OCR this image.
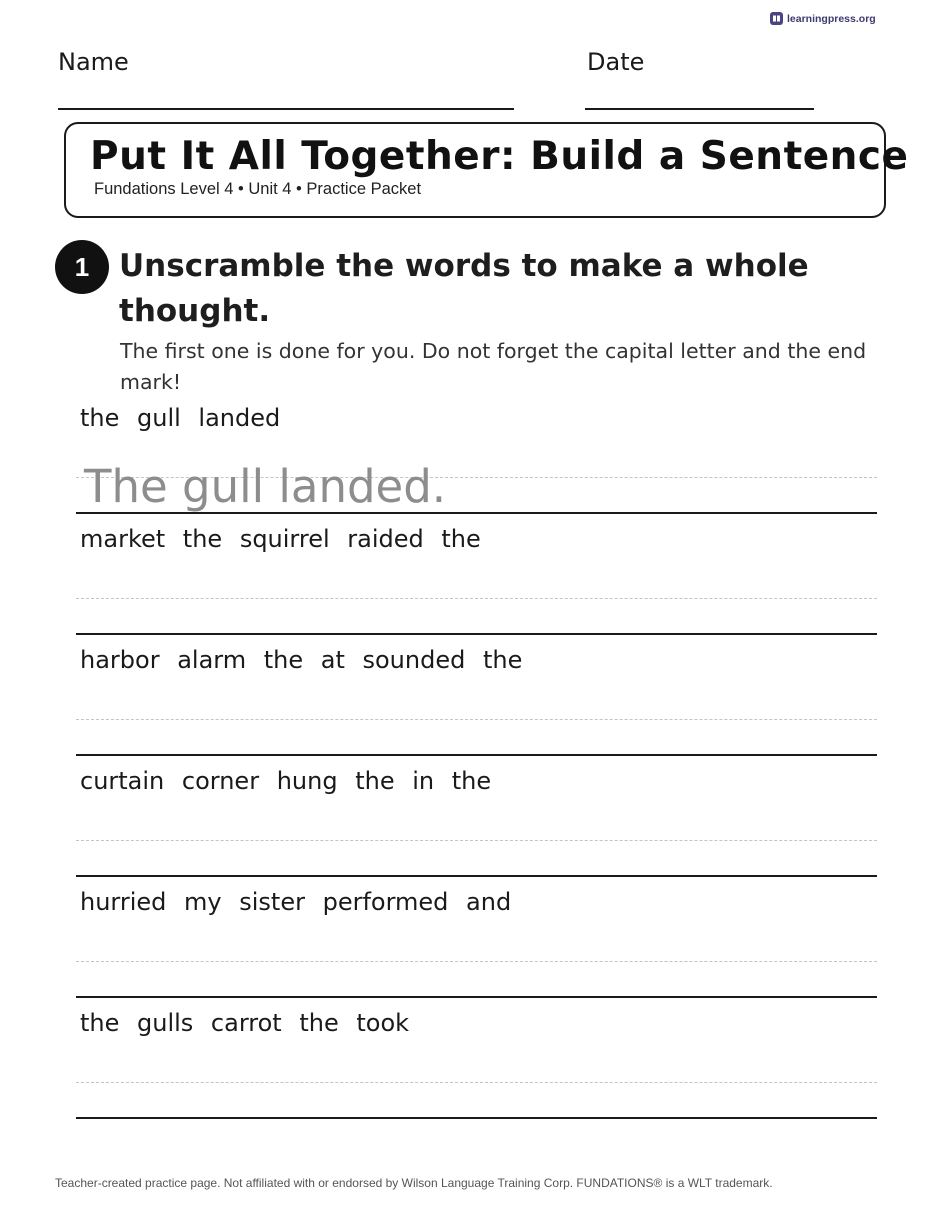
learningpress.org
Name	Date
Put It All Together: Build a Sentence
Fundations Level 4 • Unit 4 • Practice Packet
1 Unscramble the words to make a whole thought.
The first one is done for you. Do not forget the capital letter and the end mark!
the gull landed
The gull landed.
market the squirrel raided the
harbor alarm the at sounded the
curtain corner hung the in the
hurried my sister performed and
the gulls carrot the took
Teacher-created practice page. Not affiliated with or endorsed by Wilson Language Training Corp. FUNDATIONS® is a WLT trademark.
